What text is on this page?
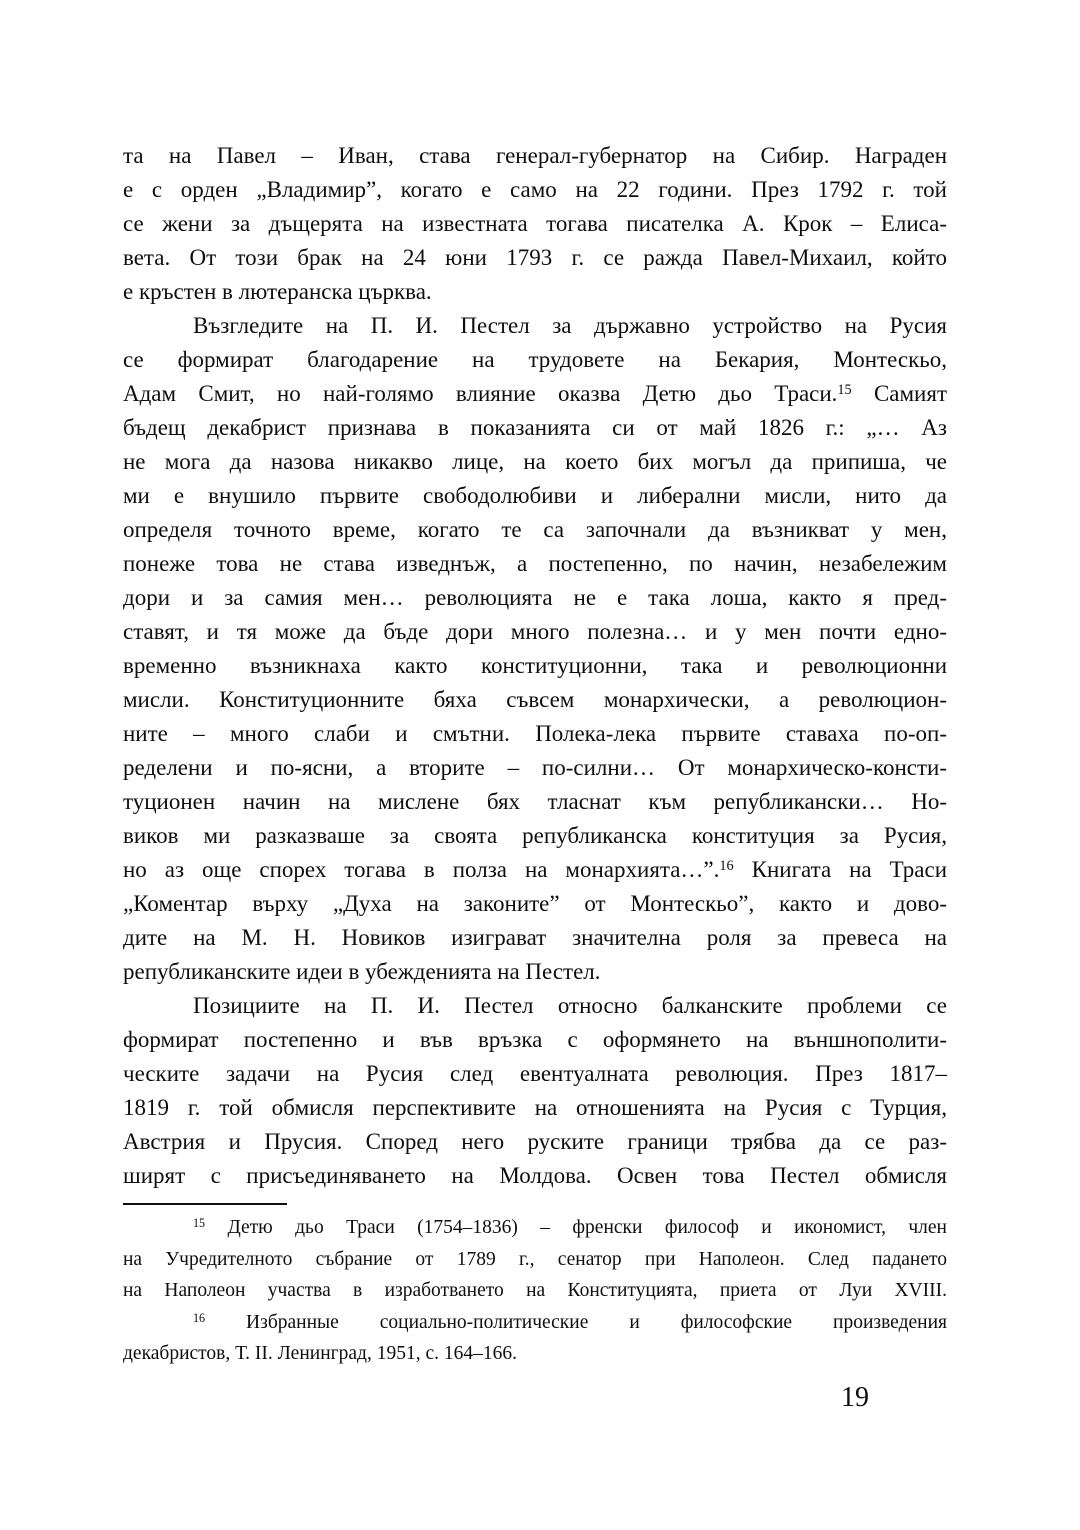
та на Павел – Иван, става генерал-губернатор на Сибир. Награден
е с орден „Владимир”, когато е само на 22 години. През 1792 г. той
се жени за дъщерята на известната тогава писателка А. Крок – Елиса-
вета. От този брак на 24 юни 1793 г. се ражда Павел-Михаил, който
е кръстен в лютеранска църква.
Възгледите на П. И. Пестел за държавно устройство на Русия
се формират благодарение на трудовете на Бекария, Монтескьо,
Адам Смит, но най-голямо влияние оказва Детю дьо Траси.$^{15}$ Самият
бъдещ декабрист признава в показанията си от май 1826 г.: „… Аз
не мога да назова никакво лице, на което бих могъл да припиша, че
ми е внушило първите свободолюбиви и либерални мисли, нито да
определя точното време, когато те са започнали да възникват у мен,
понеже това не става изведнъж, а постепенно, по начин, незабележим
дори и за самия мен… революцията не е така лоша, както я пред-
ставят, и тя може да бъде дори много полезна… и у мен почти едно-
временно възникнаха както конституционни, така и революционни
мисли. Конституционните бяха съвсем монархически, а революцион-
ните – много слаби и смътни. Полека-лека първите ставаха по-оп-
ределени и по-ясни, а вторите – по-силни… От монархическо-консти-
туционен начин на мислене бях тласнат към републикански… Но-
виков ми разказваше за своята републиканска конституция за Русия,
но аз още спорех тогава в полза на монархията…”.$^{16}$ Книгата на Траси
„Коментар върху „Духа на законите” от Монтескьо”, както и дово-
дите на М. Н. Новиков изиграват значителна роля за превеса на
републиканските идеи в убежденията на Пестел.
Позициите на П. И. Пестел относно балканските проблеми се
формират постепенно и във връзка с оформянето на външнополити-
ческите задачи на Русия след евентуалната революция. През 1817–
1819 г. той обмисля перспективите на отношенията на Русия с Турция,
Австрия и Прусия. Според него руските граници трябва да се раз-
ширят с присъединяването на Молдова. Освен това Пестел обмисля
$^{15}$ Детю дьо Траси (1754–1836) – френски философ и икономист, член
на Учредителното събрание от 1789 г., сенатор при Наполеон. След падането
на Наполеон участва в изработването на Конституцията, приета от Луи XVIII.
$^{16}$ Избранные социально-политические и философские произведения
декабристов, Т. II. Ленинград, 1951, с. 164–166.
19
